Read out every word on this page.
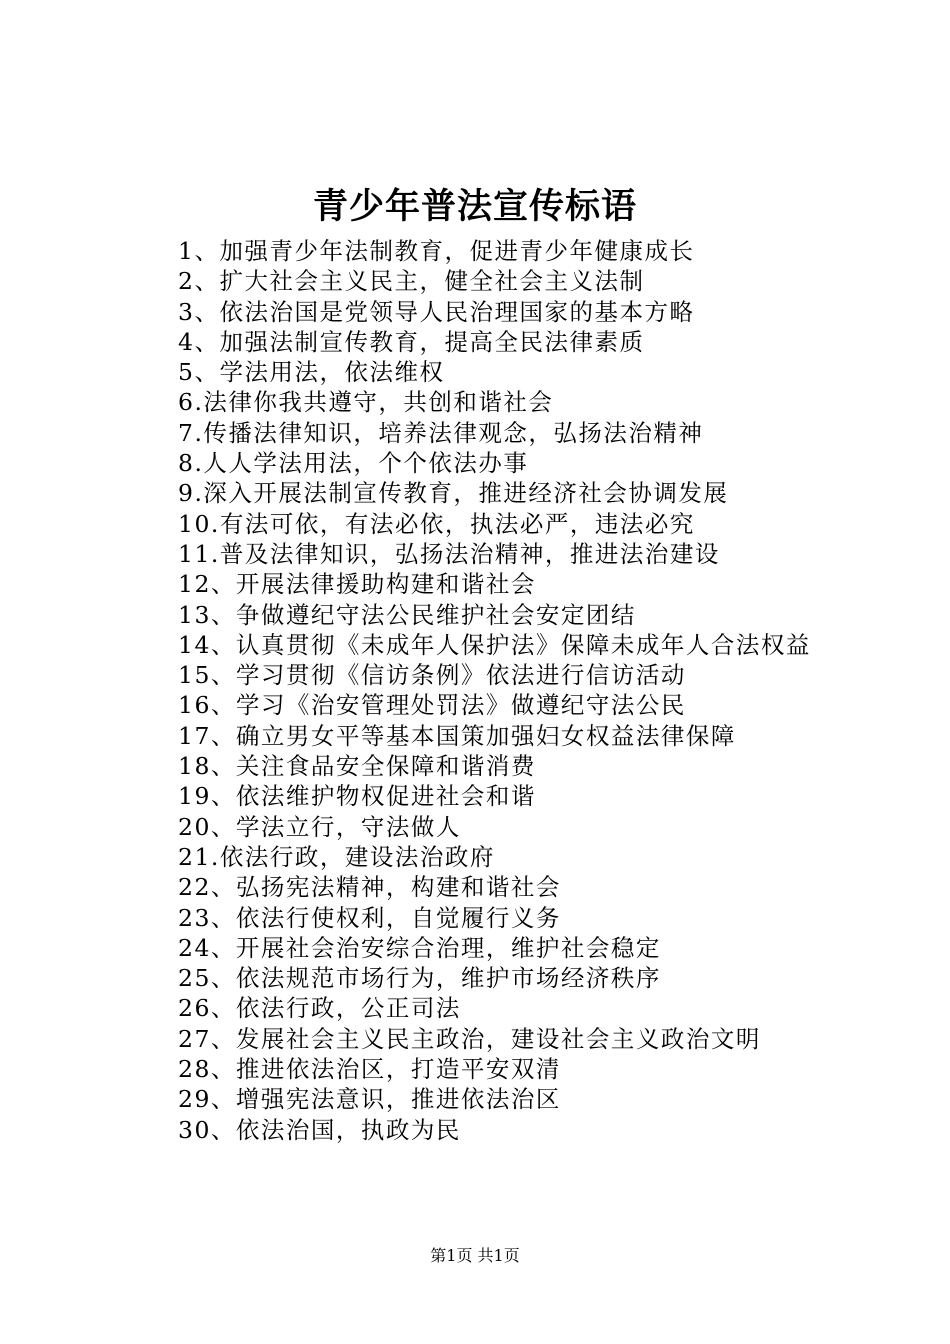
青少年普法宣传标语
1、加强青少年法制教育，促进青少年健康成长
2、扩大社会主义民主，健全社会主义法制
3、依法治国是党领导人民治理国家的基本方略
4、加强法制宣传教育，提高全民法律素质
5、学法用法，依法维权
6.法律你我共遵守，共创和谐社会
7.传播法律知识，培养法律观念，弘扬法治精神
8.人人学法用法，个个依法办事
9.深入开展法制宣传教育，推进经济社会协调发展
10.有法可依，有法必依，执法必严，违法必究
11.普及法律知识，弘扬法治精神，推进法治建设
12、开展法律援助构建和谐社会
13、争做遵纪守法公民维护社会安定团结
14、认真贯彻《未成年人保护法》保障未成年人合法权益
15、学习贯彻《信访条例》依法进行信访活动
16、学习《治安管理处罚法》做遵纪守法公民
17、确立男女平等基本国策加强妇女权益法律保障
18、关注食品安全保障和谐消费
19、依法维护物权促进社会和谐
20、学法立行，守法做人
21.依法行政，建设法治政府
22、弘扬宪法精神，构建和谐社会
23、依法行使权利，自觉履行义务
24、开展社会治安综合治理，维护社会稳定
25、依法规范市场行为，维护市场经济秩序
26、依法行政，公正司法
27、发展社会主义民主政治，建设社会主义政治文明
28、推进依法治区，打造平安双清
29、增强宪法意识，推进依法治区
30、依法治国，执政为民
第1页 共1页
